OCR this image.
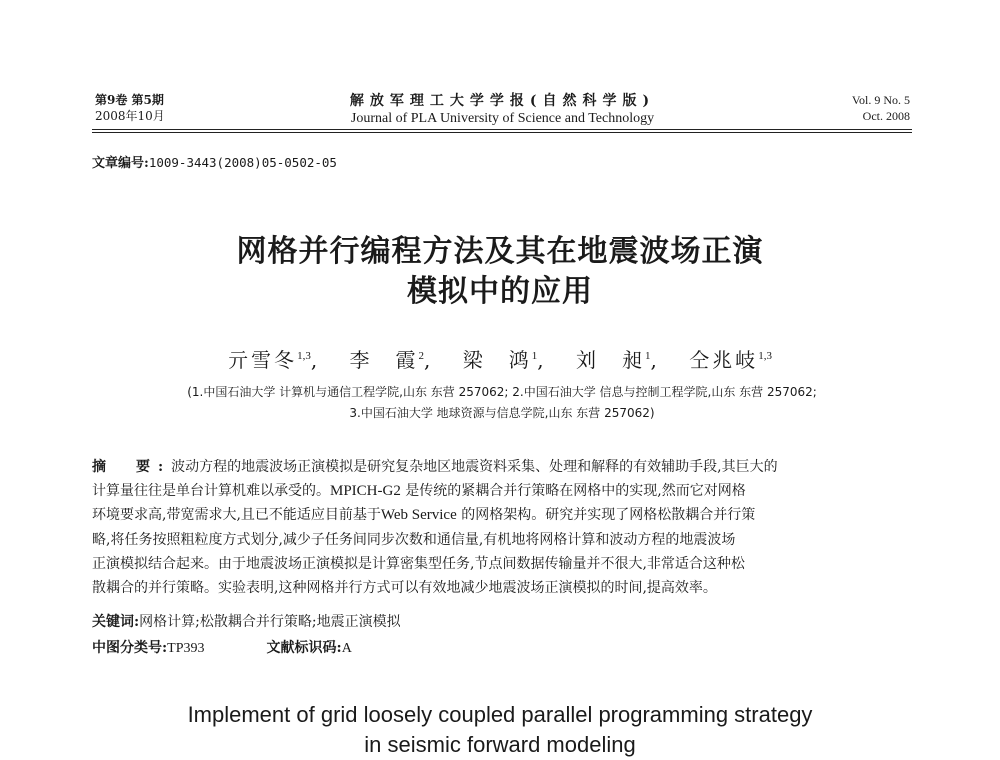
第9卷 第5期
2008年10月
解放军理工大学学报(自然科学版)
Journal of PLA University of Science and Technology
Vol. 9 No. 5
Oct. 2008
文章编号:1009-3443(2008)05-0502-05
网格并行编程方法及其在地震波场正演
模拟中的应用
亓雪冬$^{1,3}$, 李　霞$^2$, 梁　鸿$^1$, 刘　昶$^1$, 仝兆岐$^{1,3}$
(1.中国石油大学 计算机与通信工程学院,山东 东营 257062; 2.中国石油大学 信息与控制工程学院,山东 东营 257062;
3.中国石油大学 地球资源与信息学院,山东 东营 257062)
摘　要:波动方程的地震波场正演模拟是研究复杂地区地震资料采集、处理和解释的有效辅助手段,其巨大的
计算量往往是单台计算机难以承受的。MPICH-G2 是传统的紧耦合并行策略在网格中的实现,然而它对网格
环境要求高,带宽需求大,且已不能适应目前基于Web Service 的网格架构。研究并实现了网格松散耦合并行策
略,将任务按照粗粒度方式划分,减少子任务间同步次数和通信量,有机地将网格计算和波动方程的地震波场
正演模拟结合起来。由于地震波场正演模拟是计算密集型任务,节点间数据传输量并不很大,非常适合这种松
散耦合的并行策略。实验表明,这种网格并行方式可以有效地减少地震波场正演模拟的时间,提高效率。
关键词:网格计算;松散耦合并行策略;地震正演模拟
中图分类号:TP393	文献标识码:A
Implement of grid loosely coupled parallel programming strategy
in seismic forward modeling
